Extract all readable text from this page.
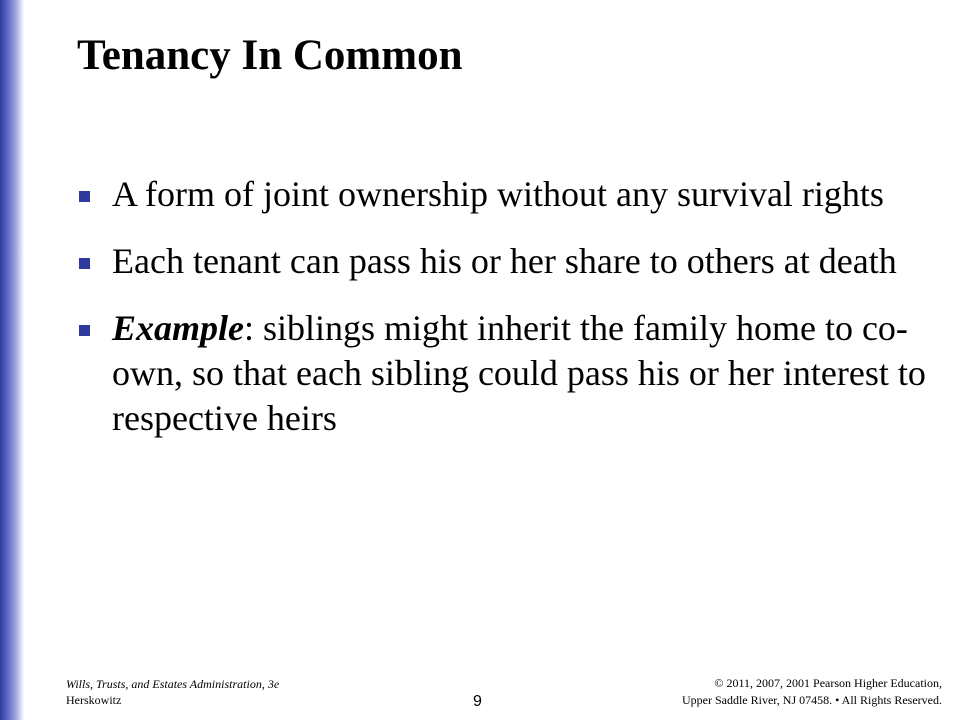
Tenancy In Common
A form of joint ownership without any survival rights
Each tenant can pass his or her share to others at death
Example: siblings might inherit the family home to co-own, so that each sibling could pass his or her interest to respective heirs
Wills, Trusts, and Estates Administration, 3e
Herskowitz	9
© 2011, 2007, 2001 Pearson Higher Education,
Upper Saddle River, NJ 07458. • All Rights Reserved.
